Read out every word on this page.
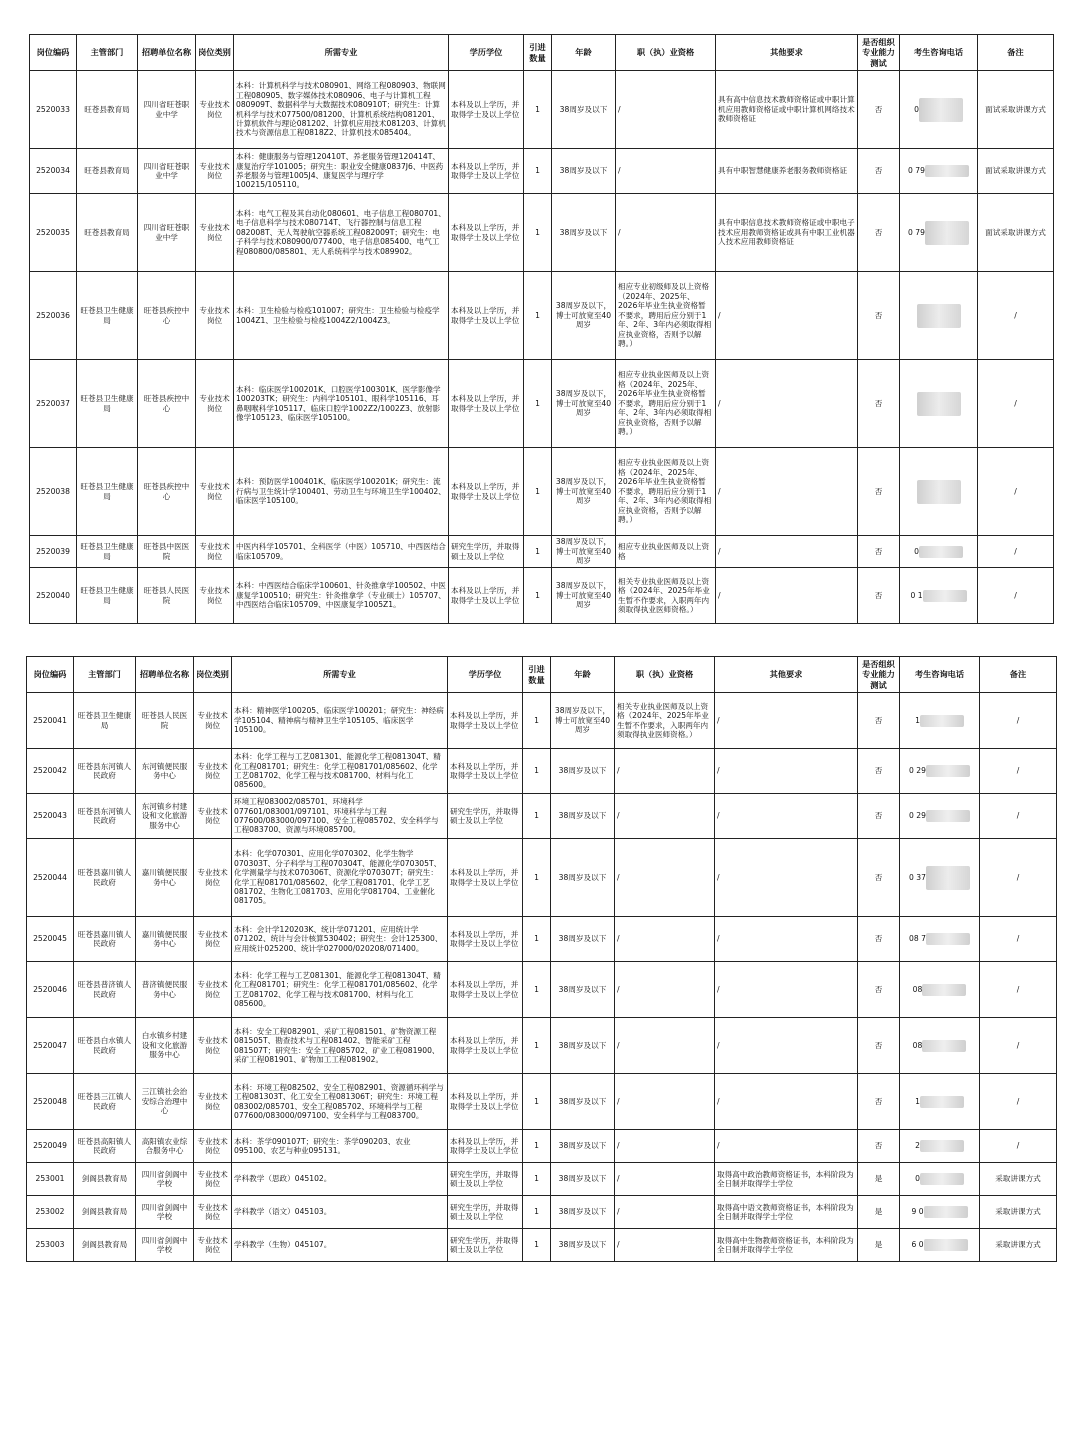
岗位编码	主管部门	招聘单位名称	岗位类别	所需专业	学历学位	引进数量	年龄	职（执）业资格	其他要求	是否组织专业能力测试	考生咨询电话	备注
2520033	旺苍县教育局	四川省旺苍职业中学	专业技术岗位	本科：计算机科学与技术080901、网络工程080903、物联网工程080905、数字媒体技术080906、电子与计算机工程080909T、数据科学与大数据技术080910T；研究生：计算机科学与技术077500/081200、计算机系统结构081201、计算机软件与理论081202、计算机应用技术081203、计算机技术与资源信息工程0818Z2、计算机技术085404。	本科及以上学历，并取得学士及以上学位	1	38周岁及以下	/	具有高中信息技术教师资格证或中职计算机应用教师资格证或中职计算机网络技术教师资格证	否	0	面试采取讲课方式
2520034	旺苍县教育局	四川省旺苍职业中学	专业技术岗位	本科：健康服务与管理120410T、养老服务管理120414T、康复治疗学101005；研究生：职业安全健康0837J6、中医药养老服务与管理1005J4、康复医学与理疗学100215/105110。	本科及以上学历，并取得学士及以上学位	1	38周岁及以下	/	具有中职智慧健康养老服务教师资格证	否	0 79	面试采取讲课方式
2520035	旺苍县教育局	四川省旺苍职业中学	专业技术岗位	本科：电气工程及其自动化080601、电子信息工程080701、电子信息科学与技术080714T、飞行器控制与信息工程082008T、无人驾驶航空器系统工程082009T；研究生：电子科学与技术080900/077400、电子信息085400、电气工程080800/085801、无人系统科学与技术089902。	本科及以上学历，并取得学士及以上学位	1	38周岁及以下	/	具有中职信息技术教师资格证或中职电子技术应用教师资格证或具有中职工业机器人技术应用教师资格证	否	0 79	面试采取讲课方式
2520036	旺苍县卫生健康局	旺苍县疾控中心	专业技术岗位	本科：卫生检验与检疫101007；研究生：卫生检验与检疫学1004Z1、卫生检验与检疫1004Z2/1004Z3。	本科及以上学历，并取得学士及以上学位	1	38周岁及以下，博士可放宽至40周岁	相应专业初级师及以上资格（2024年、2025年、2026年毕业生执业资格暂不要求，聘用后应分别于1年、2年、3年内必须取得相应执业资格，否则予以解聘。）	/	否		/
2520037	旺苍县卫生健康局	旺苍县疾控中心	专业技术岗位	本科：临床医学100201K、口腔医学100301K、医学影像学100203TK；研究生：内科学105101、眼科学105116、耳鼻咽喉科学105117、临床口腔学1002Z2/1002Z3、放射影像学105123、临床医学105100。	本科及以上学历，并取得学士及以上学位	1	38周岁及以下，博士可放宽至40周岁	相应专业执业医师及以上资格（2024年、2025年、2026年毕业生执业资格暂不要求，聘用后应分别于1年、2年、3年内必须取得相应执业资格，否则予以解聘。）	/	否		/
2520038	旺苍县卫生健康局	旺苍县疾控中心	专业技术岗位	本科：预防医学100401K、临床医学100201K；研究生：流行病与卫生统计学100401、劳动卫生与环境卫生学100402、临床医学105100。	本科及以上学历，并取得学士及以上学位	1	38周岁及以下，博士可放宽至40周岁	相应专业执业医师及以上资格（2024年、2025年、2026年毕业生执业资格暂不要求，聘用后应分别于1年、2年、3年内必须取得相应执业资格，否则予以解聘。）	/	否		/
2520039	旺苍县卫生健康局	旺苍县中医医院	专业技术岗位	中医内科学105701、全科医学（中医）105710、中西医结合临床105709。	研究生学历，并取得硕士及以上学位	1	38周岁及以下，博士可放宽至40周岁	相应专业执业医师及以上资格	/	否	0	/
2520040	旺苍县卫生健康局	旺苍县人民医院	专业技术岗位	本科：中西医结合临床学100601、针灸推拿学100502、中医康复学100510；研究生：针灸推拿学（专业硕士）105707、中西医结合临床105709、中医康复学1005Z1。	本科及以上学历，并取得学士及以上学位	1	38周岁及以下，博士可放宽至40周岁	相关专业执业医师及以上资格（2024年、2025年毕业生暂不作要求，入职两年内须取得执业医师资格。）	/	否	0 1	/
岗位编码	主管部门	招聘单位名称	岗位类别	所需专业	学历学位	引进数量	年龄	职（执）业资格	其他要求	是否组织专业能力测试	考生咨询电话	备注
2520041	旺苍县卫生健康局	旺苍县人民医院	专业技术岗位	本科：精神医学100205、临床医学100201；研究生：神经病学105104、精神病与精神卫生学105105、临床医学105100。	本科及以上学历，并取得学士及以上学位	1	38周岁及以下，博士可放宽至40周岁	相关专业执业医师及以上资格（2024年、2025年毕业生暂不作要求，入职两年内须取得执业医师资格。）	/	否	1	/
2520042	旺苍县东河镇人民政府	东河镇便民服务中心	专业技术岗位	本科：化学工程与工艺081301、能源化学工程081304T、精化工程081701；研究生：化学工程081701/085602、化学工艺081702、化学工程与技术081700、材料与化工085600。	本科及以上学历，并取得学士及以上学位	1	38周岁及以下	/	/	否	0 29	/
2520043	旺苍县东河镇人民政府	东河镇乡村建设和文化旅游服务中心	专业技术岗位	环境工程083002/085701、环境科学077601/083001/097101、环境科学与工程077600/083000/097100、安全工程085702、安全科学与工程083700、资源与环境085700。	研究生学历，并取得硕士及以上学位	1	38周岁及以下	/	/	否	0 29	/
2520044	旺苍县嘉川镇人民政府	嘉川镇便民服务中心	专业技术岗位	本科：化学070301、应用化学070302、化学生物学070303T、分子科学与工程070304T、能源化学070305T、化学测量学与技术070306T、资源化学070307T；研究生：化学工程081701/085602、化学工程081701、化学工艺081702、生物化工081703、应用化学081704、工业催化081705。	本科及以上学历，并取得学士及以上学位	1	38周岁及以下	/	/	否	0 37	/
2520045	旺苍县嘉川镇人民政府	嘉川镇便民服务中心	专业技术岗位	本科：会计学120203K、统计学071201、应用统计学071202、统计与会计核算530402；研究生：会计125300、应用统计025200、统计学027000/020208/071400。	本科及以上学历，并取得学士及以上学位	1	38周岁及以下	/	/	否	08 7	/
2520046	旺苍县普济镇人民政府	普济镇便民服务中心	专业技术岗位	本科：化学工程与工艺081301、能源化学工程081304T、精化工程081701；研究生：化学工程081701/085602、化学工艺081702、化学工程与技术081700、材料与化工085600。	本科及以上学历，并取得学士及以上学位	1	38周岁及以下	/	/	否	08	/
2520047	旺苍县白水镇人民政府	白水镇乡村建设和文化旅游服务中心	专业技术岗位	本科：安全工程082901、采矿工程081501、矿物资源工程081505T、勘查技术与工程081402、智能采矿工程081507T；研究生：安全工程085702、矿业工程081900、采矿工程081901、矿物加工工程081902。	本科及以上学历，并取得学士及以上学位	1	38周岁及以下	/	/	否	08	/
2520048	旺苍县三江镇人民政府	三江镇社会治安综合治理中心	专业技术岗位	本科：环境工程082502、安全工程082901、资源循环科学与工程081303T、化工安全工程081306T；研究生：环境工程083002/085701、安全工程085702、环境科学与工程077600/083000/097100、安全科学与工程083700。	本科及以上学历，并取得学士及以上学位	1	38周岁及以下	/	/	否	1	/
2520049	旺苍县高阳镇人民政府	高阳镇农业综合服务中心	专业技术岗位	本科：茶学090107T；研究生：茶学090203、农业095100、农艺与种业095131。	本科及以上学历，并取得学士及以上学位	1	38周岁及以下	/	/	否	2	/
253001	剑阁县教育局	四川省剑阁中学校	专业技术岗位	学科教学（思政）045102。	研究生学历，并取得硕士及以上学位	1	38周岁及以下	/	取得高中政治教师资格证书，本科阶段为全日制并取得学士学位	是	0	采取讲课方式
253002	剑阁县教育局	四川省剑阁中学校	专业技术岗位	学科教学（语文）045103。	研究生学历，并取得硕士及以上学位	1	38周岁及以下	/	取得高中语文教师资格证书，本科阶段为全日制并取得学士学位	是	9 0	采取讲课方式
253003	剑阁县教育局	四川省剑阁中学校	专业技术岗位	学科教学（生物）045107。	研究生学历，并取得硕士及以上学位	1	38周岁及以下	/	取得高中生物教师资格证书，本科阶段为全日制并取得学士学位	是	6 0	采取讲课方式
